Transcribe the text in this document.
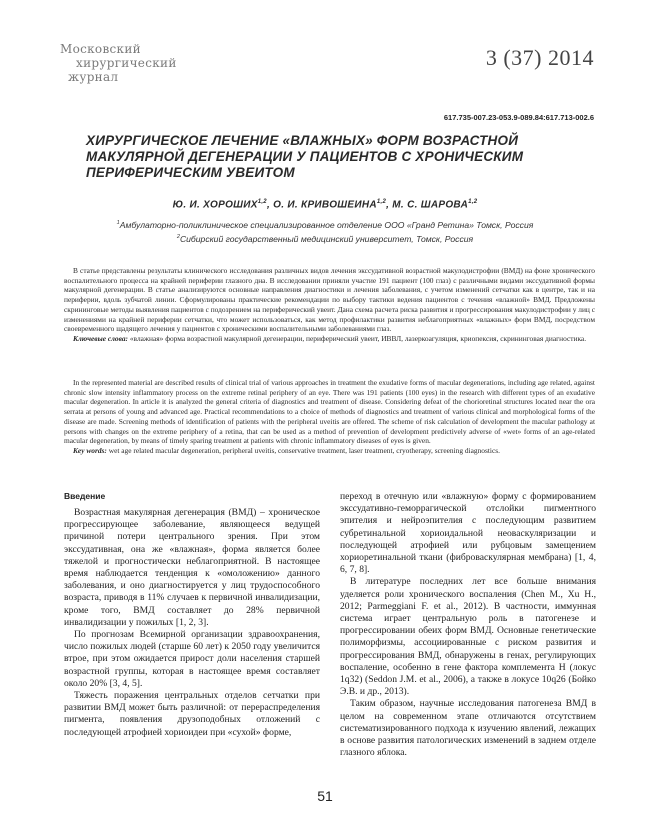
Московский
хирургический
журнал
3 (37) 2014
617.735-007.23-053.9-089.84:617.713-002.6
ХИРУРГИЧЕСКОЕ ЛЕЧЕНИЕ «ВЛАЖНЫХ» ФОРМ ВОЗРАСТНОЙ МАКУЛЯРНОЙ ДЕГЕНЕРАЦИИ У ПАЦИЕНТОВ С ХРОНИЧЕСКИМ ПЕРИФЕРИЧЕСКИМ УВЕИТОМ
Ю. И. ХОРОШИХ$^{1,2}$, О. И. КРИВОШЕИНА$^{1,2}$, М. С. ШАРОВА$^{1,2}$
$^1$Амбулаторно-поликлиническое специализированное отделение ООО «Гранд Ретина» Томск, Россия
$^2$Сибирский государственный медицинский университет, Томск, Россия
В статье представлены результаты клинического исследования различных видов лечения экссудативной возрастной макулодистрофии (ВМД) на фоне хронического воспалительного процесса на крайней периферии глазного дна. В исследовании приняли участие 191 пациент (100 глаз) с различными видами экссудативной формы макулярной дегенерации. В статье анализируются основные направления диагностики и лечения заболевания, с учетом изменений сетчатки как в центре, так и на периферии, вдоль зубчатой линии. Сформулированы практические рекомендации по выбору тактики ведения пациентов с течения «влажной» ВМД. Предложены скрининговые методы выявления пациентов с подозрением на периферический увеит. Дана схема расчета риска развития и прогрессирования макулодистрофии у лиц с изменениями на крайней периферии сетчатки, что может использоваться, как метод профилактики развития неблагоприятных «влажных» форм ВМД, посредством своевременного щадящего лечения у пациентов с хроническими воспалительными заболеваниями глаз.
Ключевые слова: «влажная» форма возрастной макулярной дегенерации, периферический увеит, ИВВЛ, лазеркоагуляция, криопексия, скрининговая диагностика.
In the represented material are described results of clinical trial of various approaches in treatment the exudative forms of macular degenerations, including age related, against chronic slow intensity inflammatory process on the extreme retinal periphery of an eye. There was 191 patients (100 eyes) in the research with different types of an exudative macular degeneration. In article it is analyzed the general criteria of diagnostics and treatment of disease. Considering defeat of the chorioretinal structures located near the ora serrata at persons of young and advanced age. Practical recommendations to a choice of methods of diagnostics and treatment of various clinical and morphological forms of the disease are made. Screening methods of identification of patients with the peripheral uveitis are offered. The scheme of risk calculation of development the macular pathology at persons with changes on the extreme periphery of a retina, that can be used as a method of prevention of development predictively adverse of «wet» forms of an age-related macular degeneration, by means of timely sparing treatment at patients with chronic inflammatory diseases of eyes is given.
Key words: wet age related macular degeneration, peripheral uveitis, conservative treatment, laser treatment, cryotherapy, screening diagnostics.
Введение

Возрастная макулярная дегенерация (ВМД) – хроническое прогрессирующее заболевание, являющееся ведущей причиной потери центрального зрения. При этом экссудативная, она же «влажная», форма является более тяжелой и прогностически неблагоприятной. В настоящее время наблюдается тенденция к «омоложению» данного заболевания, и оно диагностируется у лиц трудоспособного возраста, приводя в 11% случаев к первичной инвалидизации, кроме того, ВМД составляет до 28% первичной инвалидизации у пожилых [1, 2, 3].

По прогнозам Всемирной организации здравоохранения, число пожилых людей (старше 60 лет) к 2050 году увеличится втрое, при этом ожидается прирост доли населения старшей возрастной группы, которая в настоящее время составляет около 20% [3, 4, 5].

Тяжесть поражения центральных отделов сетчатки при развитии ВМД может быть различной: от перераспределения пигмента, появления друзоподобных отложений с последующей атрофией хориоидеи при «сухой» форме,

переход в отечную или «влажную» форму с формированием экссудативно-геморрагической отслойки пигментного эпителия и нейроэпителия с последующим развитием субретинальной хориоидальной неоваскуляризации и последующей атрофией или рубцовым замещением хориоретинальной ткани (фиброваскулярная мембрана) [1, 4, 6, 7, 8].

В литературе последних лет все больше внимания уделяется роли хронического воспаления (Chen M., Xu H., 2012; Parmeggiani F. et al., 2012). В частности, иммунная система играет центральную роль в патогенезе и прогрессировании обеих форм ВМД. Основные генетические полиморфизмы, ассоциированные с риском развития и прогрессирования ВМД, обнаружены в генах, регулирующих воспаление, особенно в гене фактора комплемента H (локус 1q32) (Seddon J.M. et al., 2006), а также в локусе 10q26 (Бойко Э.В. и др., 2013).

Таким образом, научные исследования патогенеза ВМД в целом на современном этапе отличаются отсутствием систематизированного подхода к изучению явлений, лежащих в основе развития патологических изменений в заднем отделе глазного яблока.

51
